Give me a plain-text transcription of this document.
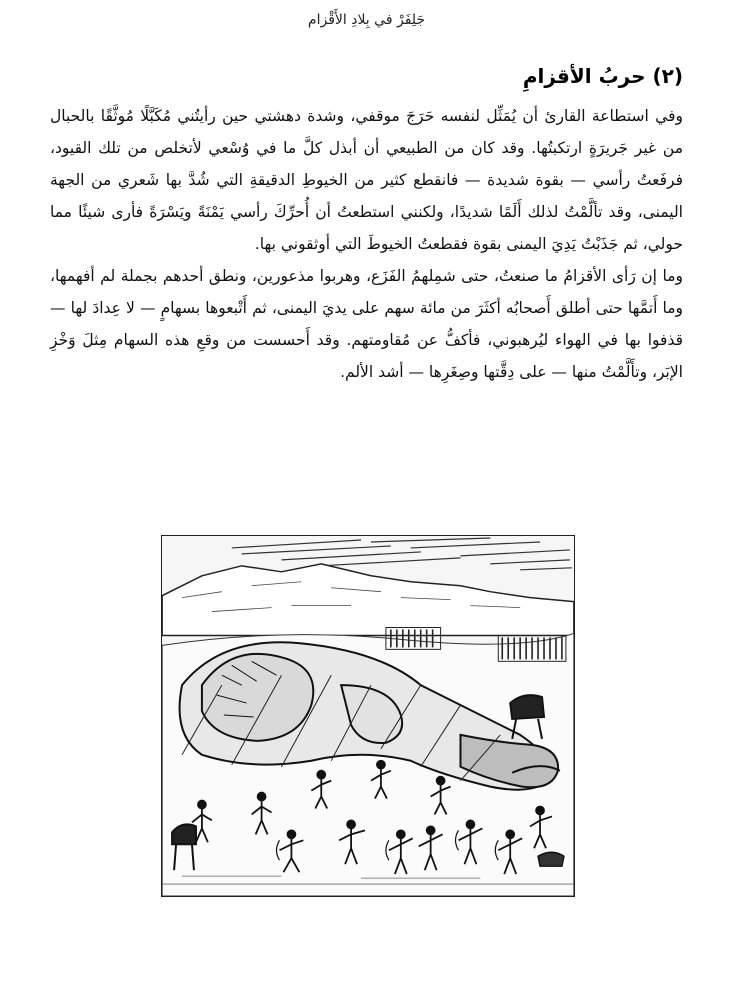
جَلِفَرْ في بِلادِ الأَقْزام
(٢) حربُ الأقزامِ

وفي استطاعة القارئ أن يُمَثِّل لنفسه حَرَجَ موقفي، وشدة دهشتي حين رأيتُني مُكَبَّلًا مُوثَّقًا بالحبال من غير جَريرَةٍ ارتكبتُها. وقد كان من الطبيعي أن أبذل كلَّ ما في وُسْعي لأتخلص من تلك القيود، فرفَعتُ رأسي — بقوة شديدة — فانقطع كثير من الخيوطِ الدقيقةِ التي شُدَّ بها شَعري من الجهة اليمنى، وقد تألَّمْتُ لذلك أَلَمًا شديدًا، ولكنني استطعتُ أن أُحرِّكَ رأسي يَمْنَةً ويَسْرَةً فأرى شيئًا مما حولي، ثم جَذَبْتُ يَدِيَ اليمنى بقوة فقطعتُ الخيوطَ التي أوثقوني بها.

وما إن رَأى الأقزامُ ما صنعتُ، حتى شمِلهمُ الفَزَع، وهربوا مذعورين، ونطق أحدهم بجملة لم أفهمها، وما أَتمَّها حتى أطلق أَصحابُه أكثَرَ من مائة سهم على يديَ اليمنى، ثم أَتْبعوها بسهامٍ — لا عِدادَ لها — قذفوا بها في الهواء ليُرهبوني، فأكفُّ عن مُقاومتهم. وقد أَحسست من وقعِ هذه السهام مِثلَ وَخْزِ الإبَر، وتأَلَّمْتُ منها — على دِقَّتها وصِغَرِها — أشد الألم.
